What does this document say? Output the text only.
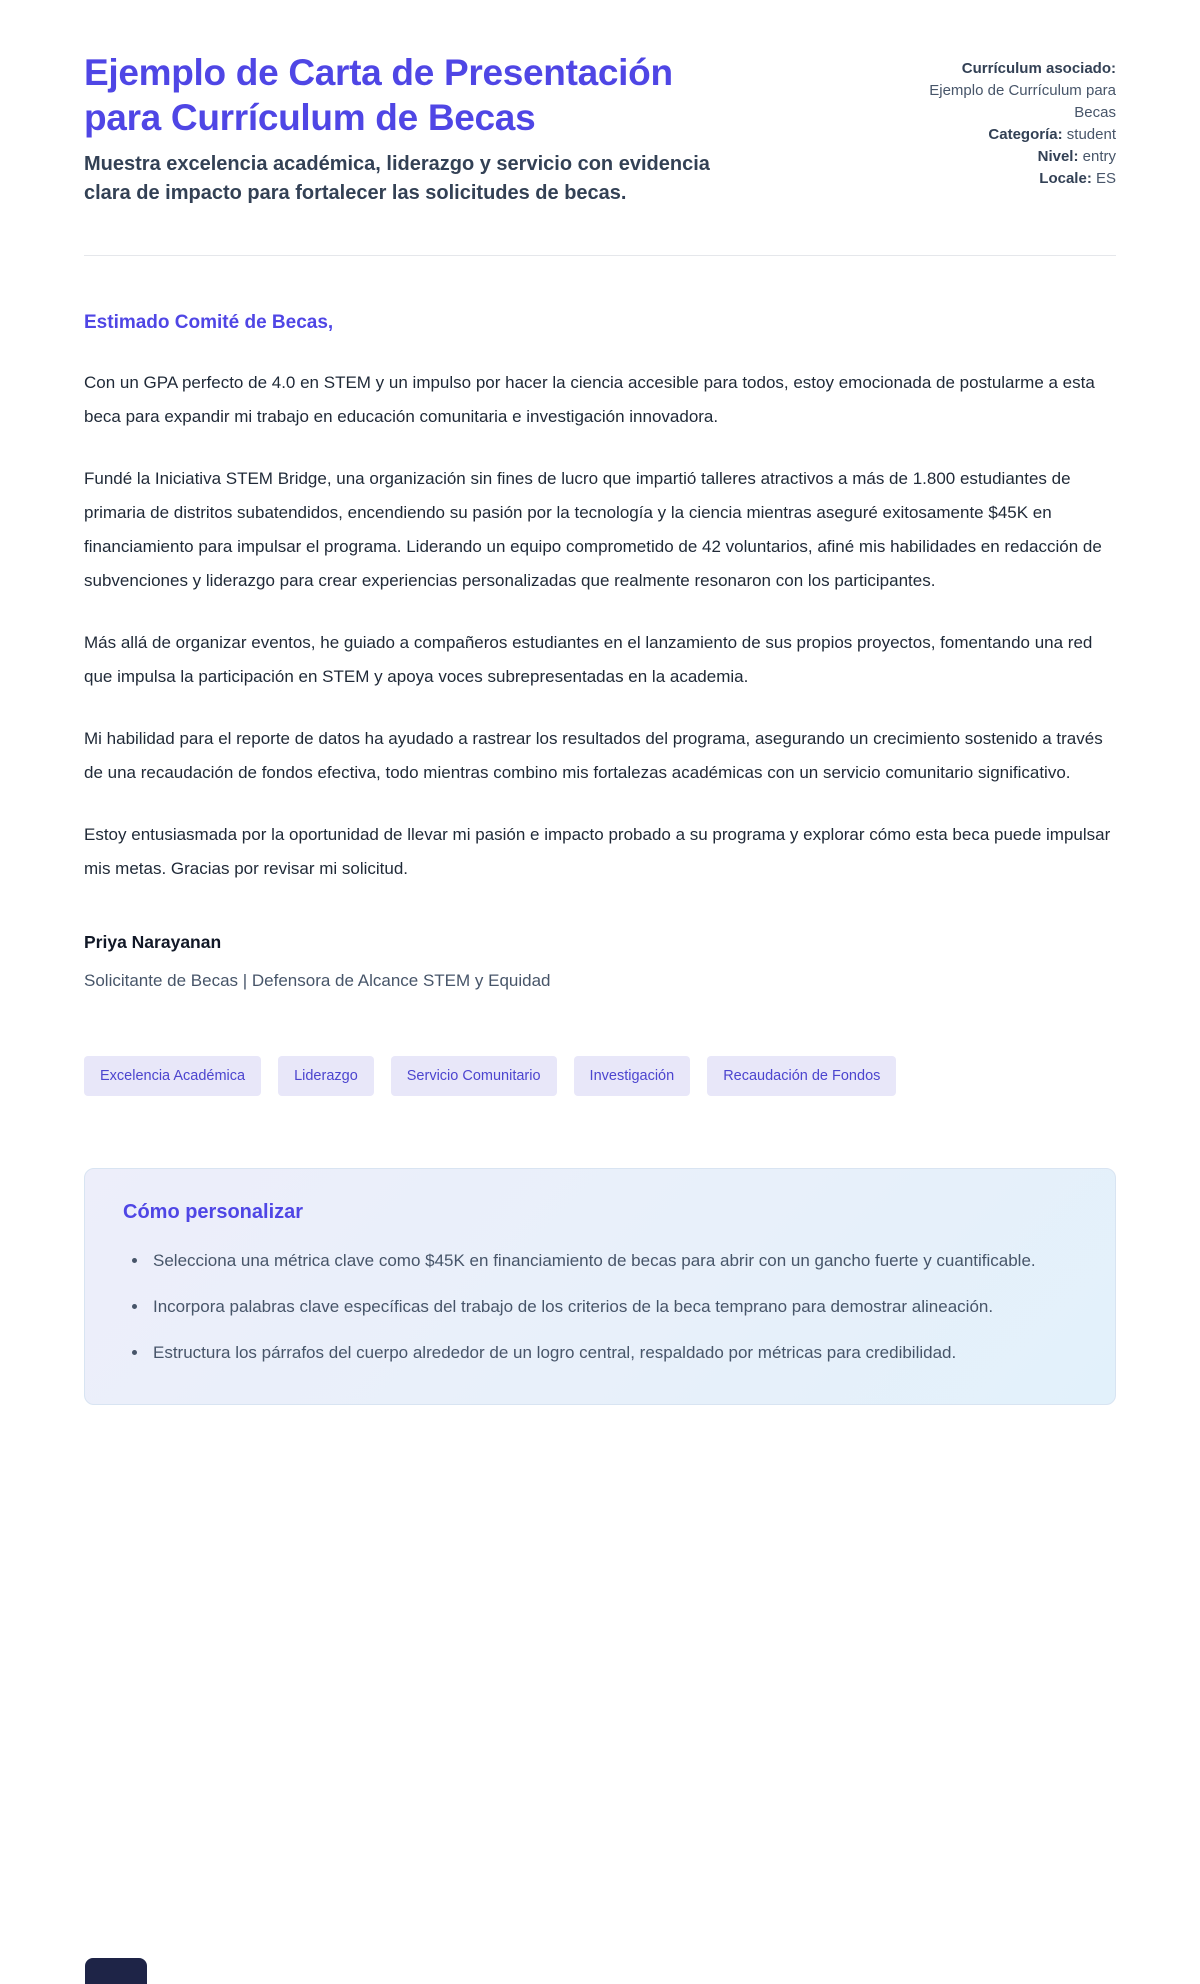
Ejemplo de Carta de Presentación para Currículum de Becas

Muestra excelencia académica, liderazgo y servicio con evidencia clara de impacto para fortalecer las solicitudes de becas.

Currículum asociado:
Ejemplo de Currículum para Becas
Categoría: student
Nivel: entry
Locale: ES

Estimado Comité de Becas,

Con un GPA perfecto de 4.0 en STEM y un impulso por hacer la ciencia accesible para todos, estoy emocionada de postularme a esta beca para expandir mi trabajo en educación comunitaria e investigación innovadora.

Fundé la Iniciativa STEM Bridge, una organización sin fines de lucro que impartió talleres atractivos a más de 1.800 estudiantes de primaria de distritos subatendidos, encendiendo su pasión por la tecnología y la ciencia mientras aseguré exitosamente $45K en financiamiento para impulsar el programa. Liderando un equipo comprometido de 42 voluntarios, afiné mis habilidades en redacción de subvenciones y liderazgo para crear experiencias personalizadas que realmente resonaron con los participantes.

Más allá de organizar eventos, he guiado a compañeros estudiantes en el lanzamiento de sus propios proyectos, fomentando una red que impulsa la participación en STEM y apoya voces subrepresentadas en la academia.

Mi habilidad para el reporte de datos ha ayudado a rastrear los resultados del programa, asegurando un crecimiento sostenido a través de una recaudación de fondos efectiva, todo mientras combino mis fortalezas académicas con un servicio comunitario significativo.

Estoy entusiasmada por la oportunidad de llevar mi pasión e impacto probado a su programa y explorar cómo esta beca puede impulsar mis metas. Gracias por revisar mi solicitud.

Priya Narayanan

Solicitante de Becas | Defensora de Alcance STEM y Equidad

Excelencia Académica	Liderazgo	Servicio Comunitario	Investigación	Recaudación de Fondos
Cómo personalizar
• Selecciona una métrica clave como $45K en financiamiento de becas para abrir con un gancho fuerte y cuantificable.
• Incorpora palabras clave específicas del trabajo de los criterios de la beca temprano para demostrar alineación.
• Estructura los párrafos del cuerpo alrededor de un logro central, respaldado por métricas para credibilidad.
